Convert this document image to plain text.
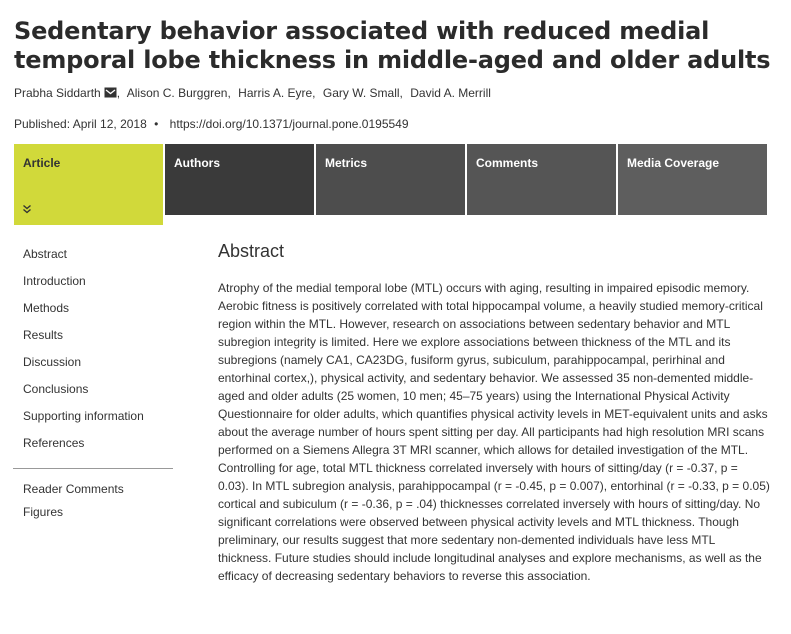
Sedentary behavior associated with reduced medial temporal lobe thickness in middle-aged and older adults
Prabha Siddarth , Alison C. Burggren, Harris A. Eyre, Gary W. Small, David A. Merrill
Published: April 12, 2018 • https://doi.org/10.1371/journal.pone.0195549
Article	Authors	Metrics	Comments	Media Coverage
Abstract
Introduction
Methods
Results
Discussion
Conclusions
Supporting information
References
Reader Comments
Figures
Abstract

Atrophy of the medial temporal lobe (MTL) occurs with aging, resulting in impaired episodic memory. Aerobic fitness is positively correlated with total hippocampal volume, a heavily studied memory-critical region within the MTL. However, research on associations between sedentary behavior and MTL subregion integrity is limited. Here we explore associations between thickness of the MTL and its subregions (namely CA1, CA23DG, fusiform gyrus, subiculum, parahippocampal, perirhinal and entorhinal cortex,), physical activity, and sedentary behavior. We assessed 35 non-demented middle-aged and older adults (25 women, 10 men; 45–75 years) using the International Physical Activity Questionnaire for older adults, which quantifies physical activity levels in MET-equivalent units and asks about the average number of hours spent sitting per day. All participants had high resolution MRI scans performed on a Siemens Allegra 3T MRI scanner, which allows for detailed investigation of the MTL. Controlling for age, total MTL thickness correlated inversely with hours of sitting/day (r = -0.37, p = 0.03). In MTL subregion analysis, parahippocampal (r = -0.45, p = 0.007), entorhinal (r = -0.33, p = 0.05) cortical and subiculum (r = -0.36, p = .04) thicknesses correlated inversely with hours of sitting/day. No significant correlations were observed between physical activity levels and MTL thickness. Though preliminary, our results suggest that more sedentary non-demented individuals have less MTL thickness. Future studies should include longitudinal analyses and explore mechanisms, as well as the efficacy of decreasing sedentary behaviors to reverse this association.
